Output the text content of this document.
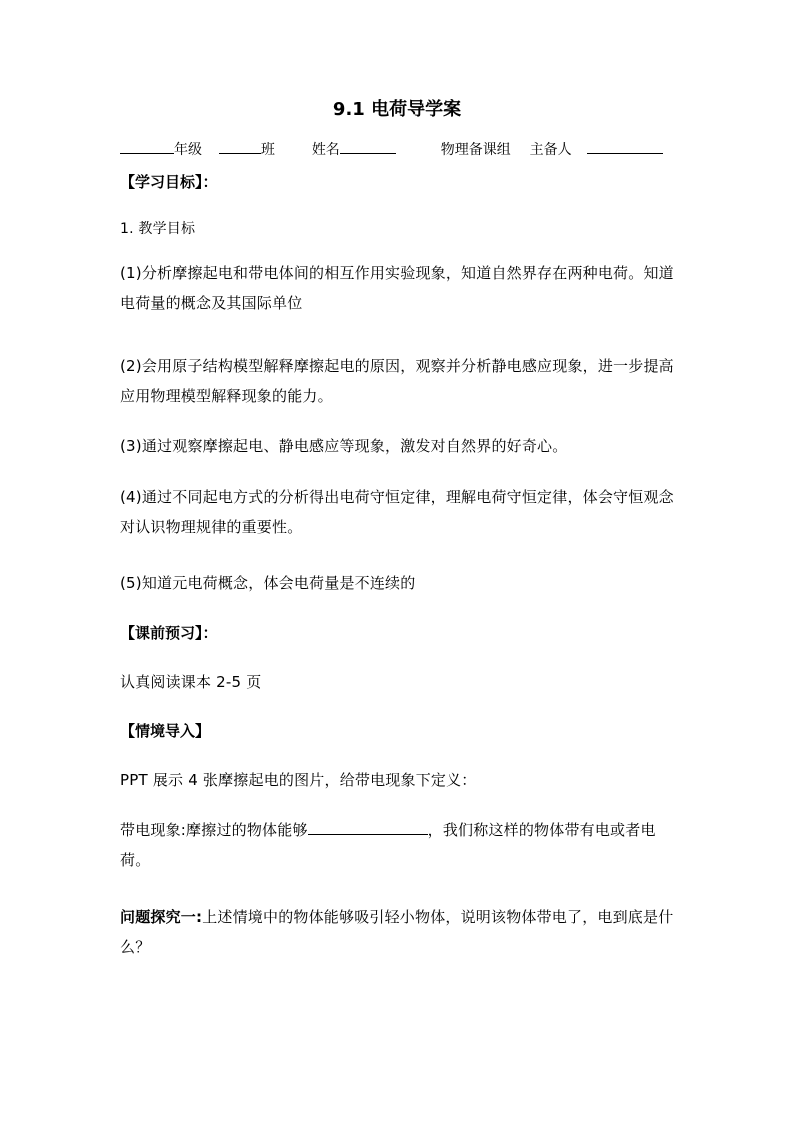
9.1 电荷导学案
年级	班	姓名	物理备课组 主备人
【学习目标】：
1. 教学目标
(1)分析摩擦起电和带电体间的相互作用实验现象，知道自然界存在两种电荷。知道电荷量的概念及其国际单位
(2)会用原子结构模型解释摩擦起电的原因，观察并分析静电感应现象，进一步提高应用物理模型解释现象的能力。
(3)通过观察摩擦起电、静电感应等现象，激发对自然界的好奇心。
(4)通过不同起电方式的分析得出电荷守恒定律，理解电荷守恒定律，体会守恒观念对认识物理规律的重要性。
(5)知道元电荷概念，体会电荷量是不连续的
【课前预习】：
认真阅读课本 2-5 页
【情境导入】
PPT 展示 4 张摩擦起电的图片，给带电现象下定义：
带电现象:摩擦过的物体能够	，我们称这样的物体带有电或者电荷。
问题探究一:上述情境中的物体能够吸引轻小物体，说明该物体带电了，电到底是什么？
